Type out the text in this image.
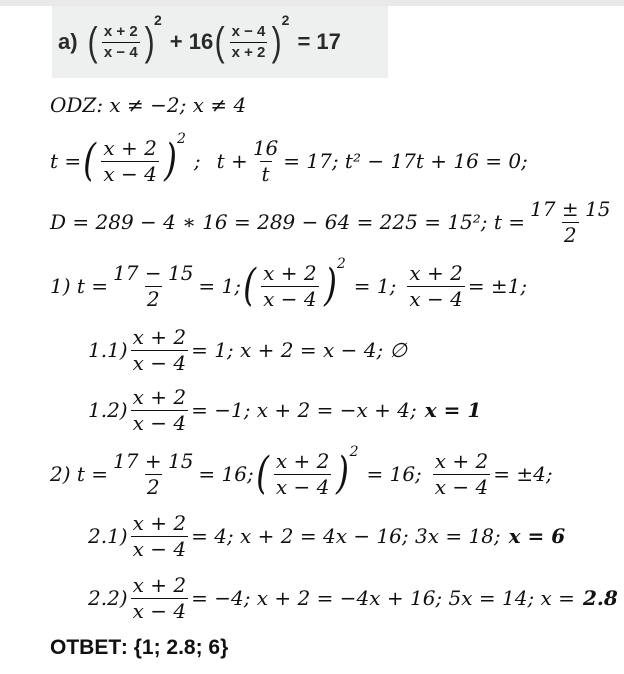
а) ( $\frac{x + 2}{x - 4}$ ) 2
+ 16 ( $\frac{x - 4}{x + 2}$ ) 2
= 17
ODZ: x ≠ −2; x ≠ 4
t = ( $\frac{x + 2}{x - 4}$ ) 2
; $t + \frac{16}{t} = 17$; t² − 17t + 16 = 0;
D = 289 − 4 ∗ 16 = 289 − 64 = 225 = 15²; $t = \frac{17 \pm 15}{2}$
1) $t = \frac{17 - 15}{2} = 1$; ( $\frac{x + 2}{x - 4}$ ) 2
= 1; $\frac{x + 2}{x - 4} = \pm 1$;
$1.1) \frac{x + 2}{x - 4} = 1$; x + 2 = x − 4; ∅
$1.2) \frac{x + 2}{x - 4} = -1$; x + 2 = −x + 4; x = 1
2) $t = \frac{17 + 15}{2} = 16$; ( $\frac{x + 2}{x - 4}$ ) 2
= 16; $\frac{x + 2}{x - 4} = \pm 4$;
$2.1) \frac{x + 2}{x - 4} = 4$; x + 2 = 4x − 16; 3x = 18; x = 6
$2.2) \frac{x + 2}{x - 4} = -4$; x + 2 = −4x + 16; 5x = 14; x = 2.8
ОТВЕТ: {1; 2.8; 6}
